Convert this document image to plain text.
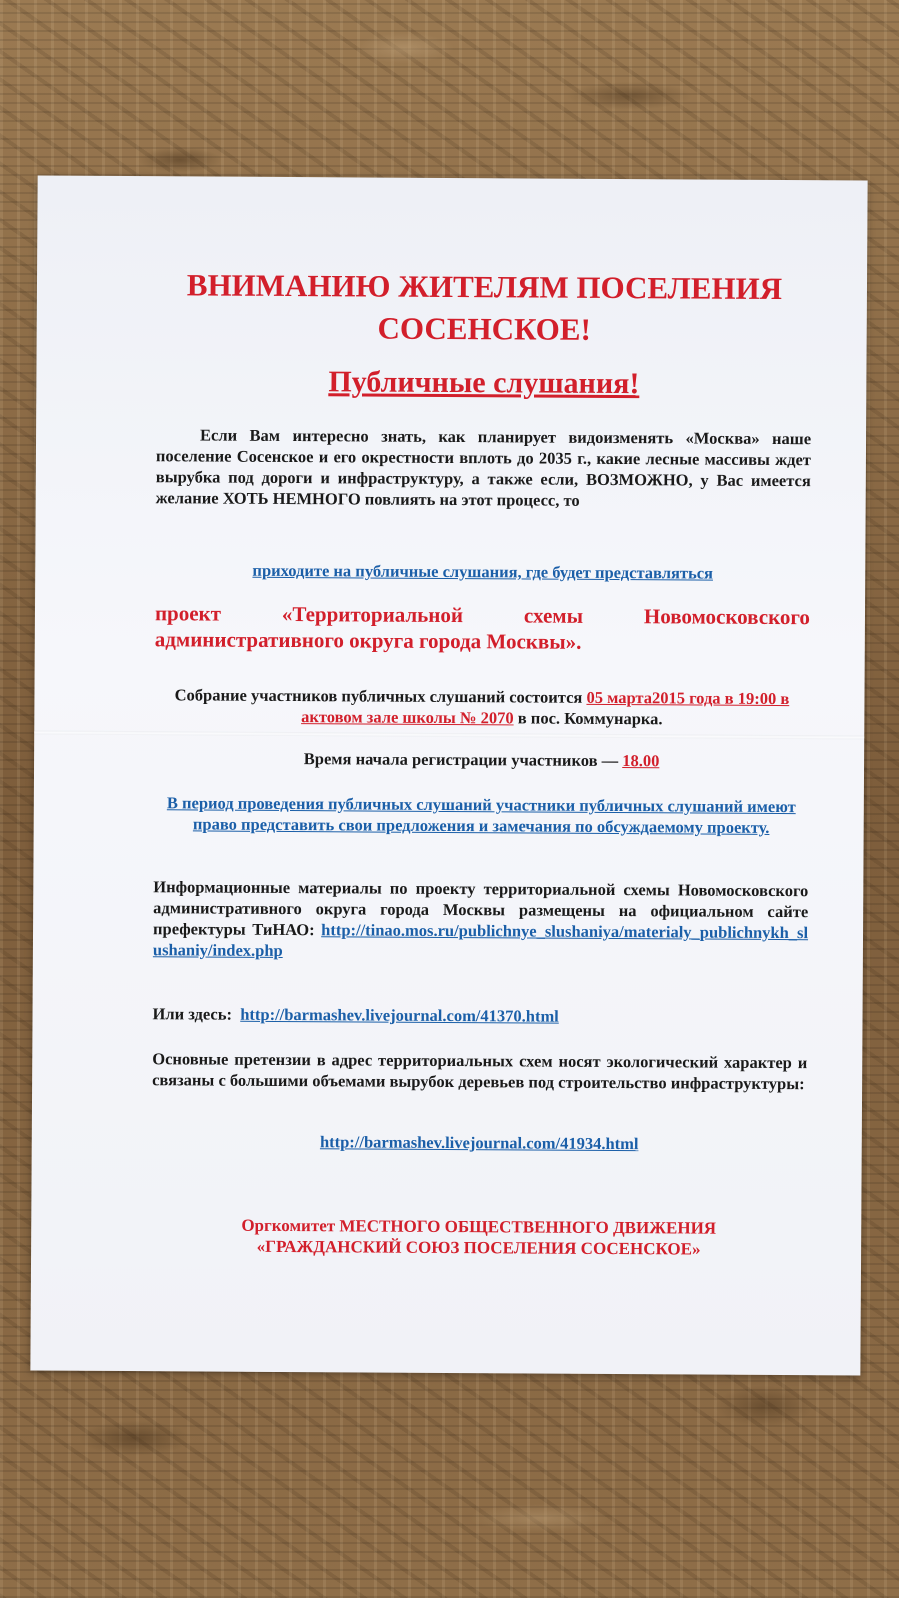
ВНИМАНИЮ ЖИТЕЛЯМ ПОСЕЛЕНИЯ СОСЕНСКОЕ!
Публичные слушания!
Если Вам интересно знать, как планирует видоизменять «Москва» наше поселение Сосенское и его окрестности вплоть до 2035 г., какие лесные массивы ждет вырубка под дороги и инфраструктуру, а также если, ВОЗМОЖНО, у Вас имеется желание ХОТЬ НЕМНОГО повлиять на этот процесс, то
приходите на публичные слушания, где будет представляться
проект «Территориальной схемы Новомосковского административного округа города Москвы».
Собрание участников публичных слушаний состоится 05 марта2015 года в 19:00 в актовом зале школы № 2070 в пос. Коммунарка.
Время начала регистрации участников — 18.00
В период проведения публичных слушаний участники публичных слушаний имеют право представить свои предложения и замечания по обсуждаемому проекту.
Информационные материалы по проекту территориальной схемы Новомосковского административного округа города Москвы размещены на официальном сайте префектуры ТиНАО: http://tinao.mos.ru/publichnye_slushaniya/materialy_publichnykh_slushaniy/index.php
Или здесь: http://barmashev.livejournal.com/41370.html
Основные претензии в адрес территориальных схем носят экологический характер и связаны с большими объемами вырубок деревьев под строительство инфраструктуры:
http://barmashev.livejournal.com/41934.html
Оргкомитет МЕСТНОГО ОБЩЕСТВЕННОГО ДВИЖЕНИЯ
«ГРАЖДАНСКИЙ СОЮЗ ПОСЕЛЕНИЯ СОСЕНСКОЕ»
